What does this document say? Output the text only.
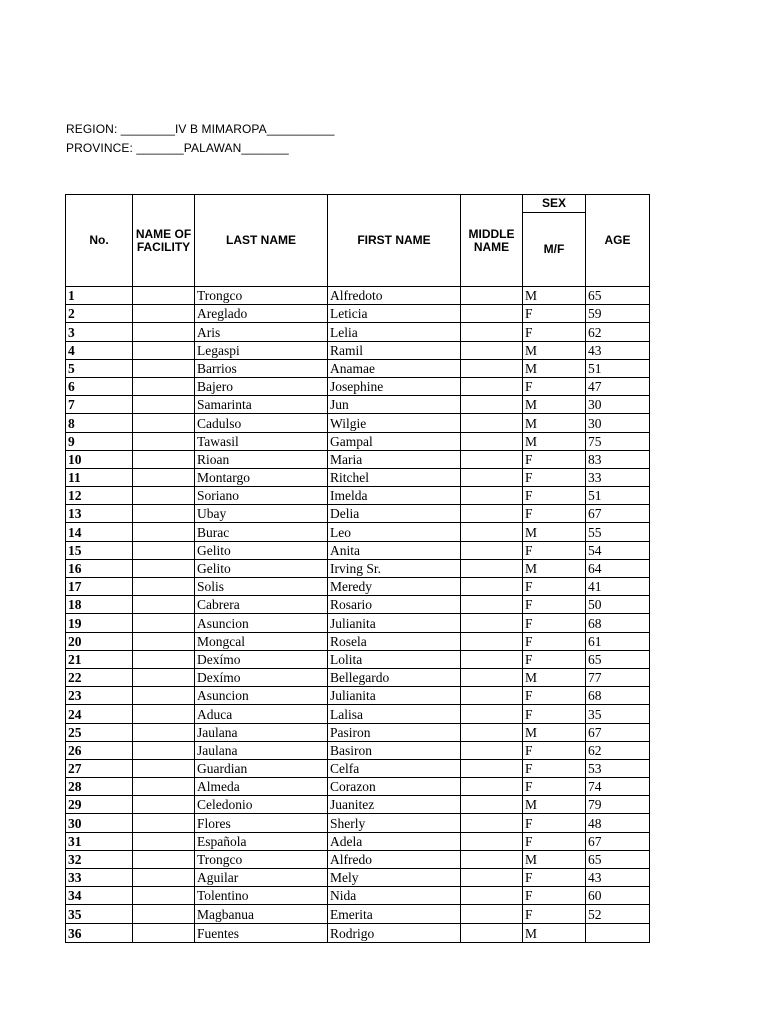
REGION: ________IV B MIMAROPA__________
PROVINCE: _______PALAWAN_______
No.	NAME OF FACILITY	LAST NAME	FIRST NAME	MIDDLE NAME	SEX	AGE
					M/F	
1		Trongco	Alfredoto		M	65
2		Areglado	Leticia		F	59
3		Aris	Lelia		F	62
4		Legaspi	Ramil		M	43
5		Barrios	Anamae		M	51
6		Bajero	Josephine		F	47
7		Samarinta	Jun		M	30
8		Cadulso	Wilgie		M	30
9		Tawasil	Gampal		M	75
10		Rioan	Maria		F	83
11		Montargo	Ritchel		F	33
12		Soriano	Imelda		F	51
13		Ubay	Delia		F	67
14		Burac	Leo		M	55
15		Gelito	Anita		F	54
16		Gelito	Irving Sr.		M	64
17		Solis	Meredy		F	41
18		Cabrera	Rosario		F	50
19		Asuncion	Julianita		F	68
20		Mongcal	Rosela		F	61
21		Dexímo	Lolita		F	65
22		Dexímo	Bellegardo		M	77
23		Asuncion	Julianita		F	68
24		Aduca	Lalisa		F	35
25		Jaulana	Pasiron		M	67
26		Jaulana	Basiron		F	62
27		Guardian	Celfa		F	53
28		Almeda	Corazon		F	74
29		Celedonio	Juanitez		M	79
30		Flores	Sherly		F	48
31		Española	Adela		F	67
32		Trongco	Alfredo		M	65
33		Aguilar	Mely		F	43
34		Tolentino	Nida		F	60
35		Magbanua	Emerita		F	52
36		Fuentes	Rodrigo		M	
